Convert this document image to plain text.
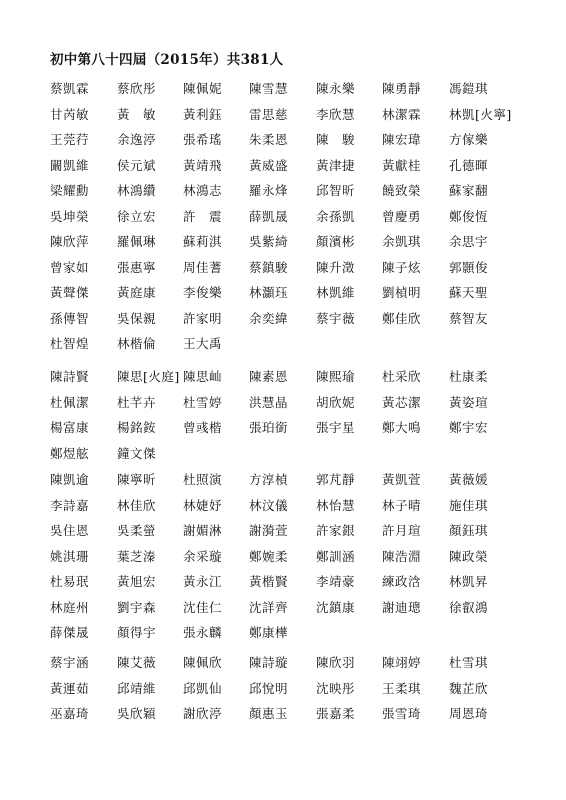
初中第八十四屆（2015年）共381人
蔡凱霖 蔡欣彤 陳佩妮 陳雪慧 陳永樂 陳勇靜 馮鎧琪
甘芮敏 黃　敏 黃利鈺 雷思慈 李欣慧 林潔霖 林凱[火寧]
王莞荇 余逸渟 張希瑤 朱柔恩 陳　駿 陳宏瑋 方傢樂
闞凱維 侯元斌 黃靖飛 黃威盛 黃津捷 黃獻桂 孔德暉
梁耀勳 林鴻纘 林鴻志 羅永烽 邱智昕 饒致榮 蘇家翻
吳坤榮 徐立宏 許　震 薛凱晟 余孫凱 曾慶勇 鄭俊恆
陳欣萍 羅佩琳 蘇莉淇 吳紫綺 顏濱彬 余凱琪 余思宇
曾家如 張惠寧 周佳蓍 蔡鎮駿 陳升澂 陳子炫 郭顥俊
黃聲傑 黃庭康 李俊樂 林灝珏 林凱維 劉楨明 蘇天聖
孫傳智 吳保親 許家明 余奕緯 蔡宇薇 鄭佳欣 蔡智友
杜智煌 林楷倫 王大禹
陳詩賢 陳思[火庭] 陳思屾 陳素恩 陳熙瑜 杜采欣 杜康柔
杜佩潔 杜芊卉 杜雪婷 洪慧晶 胡欣妮 黃芯潔 黃姿瑄
楊富康 楊銘銨 曾彧楷 張珀銜 張宇星 鄭大鳴 鄭宇宏
鄭煜舷 鐘文傑
陳凱逾 陳寧昕 杜照演 方淳楨 郭芃靜 黃凱萱 黃薇媛
李詩嘉 林佳欣 林婕妤 林汶儀 林怡慧 林子晴 施佳琪
吳住恩 吳柔螢 謝媚淋 謝漪萱 許家銀 許月瑄 顏鈺琪
姚淇珊 葉芝溱 余采璇 鄭婉柔 鄭訓涵 陳浩淵 陳政榮
杜易珉 黃旭宏 黃永江 黃楷賢 李靖豪 練政浛 林凱昇
林庭州 劉宇森 沈佳仁 沈詳齊 沈鎮康 謝迪璁 徐叡鴻
薛傑晟 顏得宇 張永麟 鄭康樺
蔡宇涵 陳艾薇 陳佩欣 陳詩璇 陳欣羽 陳翊婷 杜雪琪
黃運茹 邱靖維 邱凱仙 邱悅明 沈映彤 王柔琪 魏芷欣
巫嘉琦 吳欣穎 謝欣渟 顏惠玉 張嘉柔 張雪琦 周恩琦
